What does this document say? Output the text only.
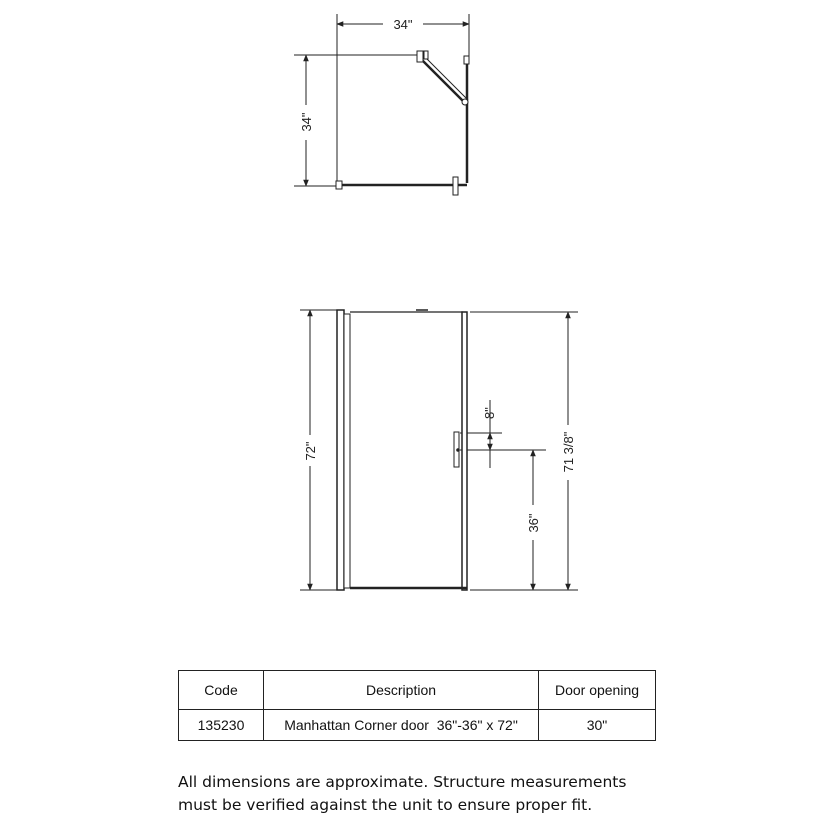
34"
34"
72"	71 3/8"
8"
36"
Code	Description	Door opening
135230	Manhattan Corner door  36"-36" x 72"	30"
All dimensions are approximate. Structure measurements
must be verified against the unit to ensure proper fit.
